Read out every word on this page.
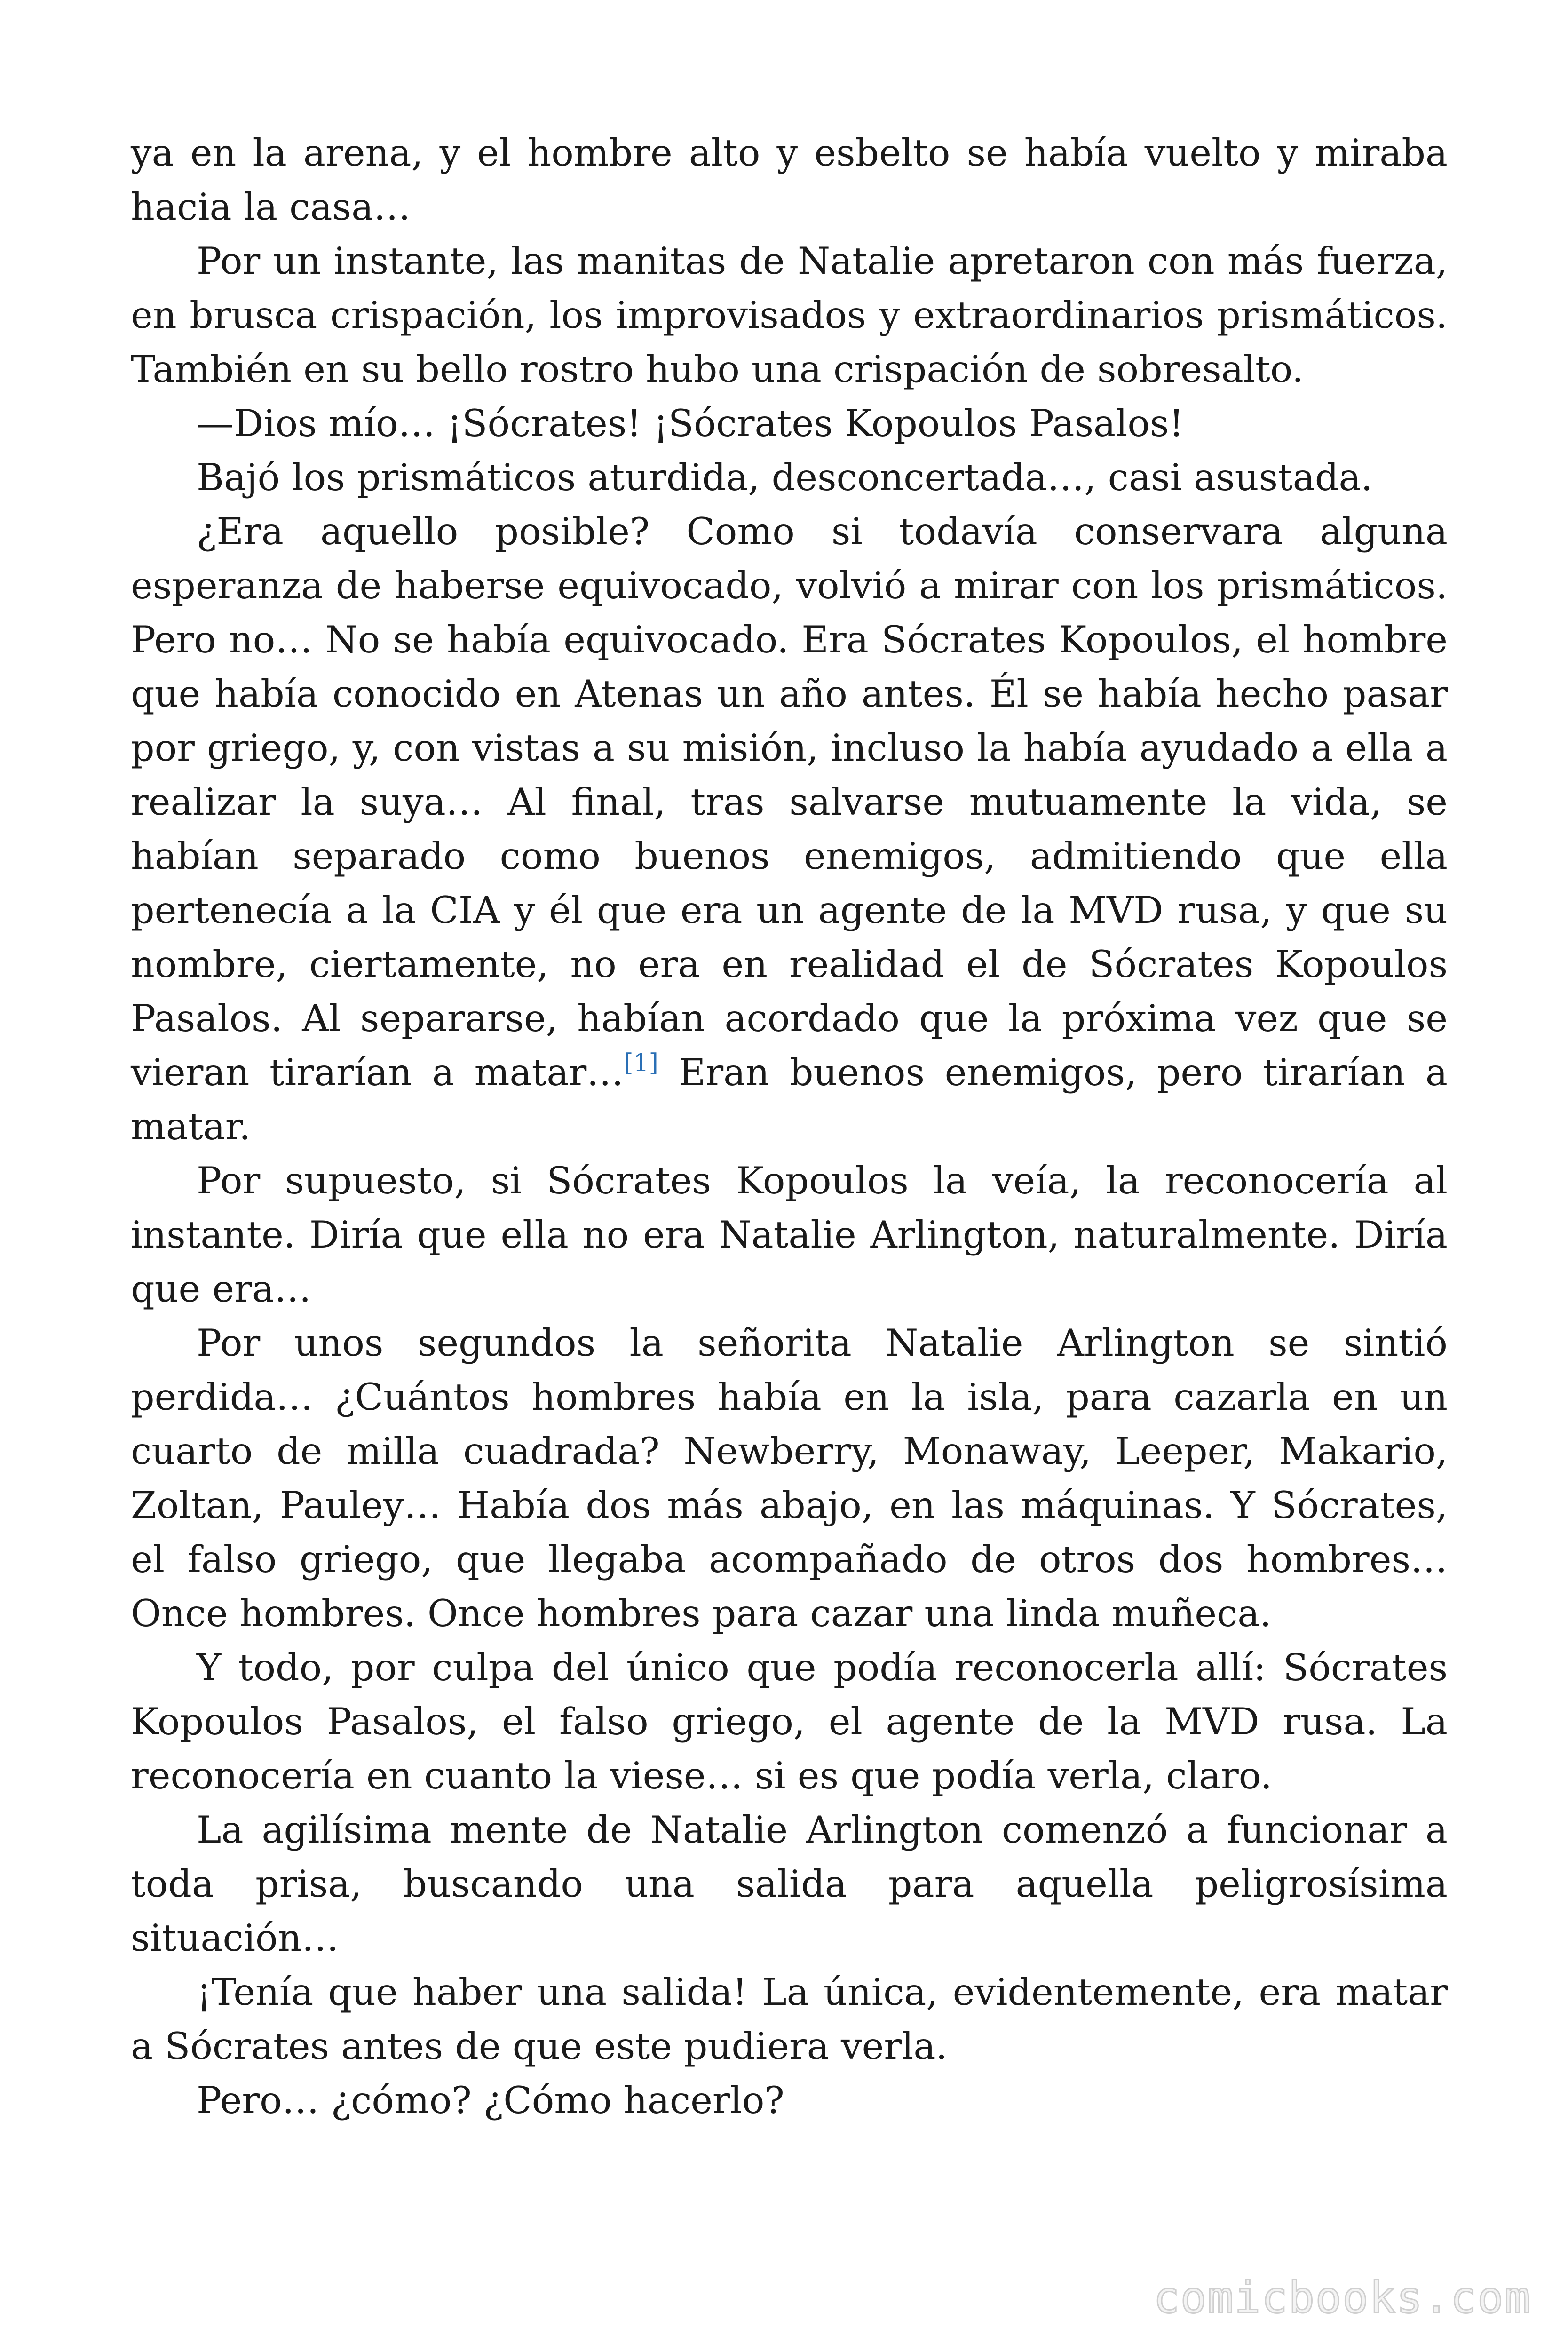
ya en la arena, y el hombre alto y esbelto se había vuelto y miraba hacia la casa…

Por un instante, las manitas de Natalie apretaron con más fuerza, en brusca crispación, los improvisados y extraordinarios prismáticos. También en su bello rostro hubo una crispación de sobresalto.

—Dios mío… ¡Sócrates! ¡Sócrates Kopoulos Pasalos!

Bajó los prismáticos aturdida, desconcertada…, casi asustada.

¿Era aquello posible? Como si todavía conservara alguna esperanza de haberse equivocado, volvió a mirar con los prismáticos. Pero no… No se había equivocado. Era Sócrates Kopoulos, el hombre que había conocido en Atenas un año antes. Él se había hecho pasar por griego, y, con vistas a su misión, incluso la había ayudado a ella a realizar la suya… Al final, tras salvarse mutuamente la vida, se habían separado como buenos enemigos, admitiendo que ella pertenecía a la CIA y él que era un agente de la MVD rusa, y que su nombre, ciertamente, no era en realidad el de Sócrates Kopoulos Pasalos. Al separarse, habían acordado que la próxima vez que se vieran tirarían a matar…[1] Eran buenos enemigos, pero tirarían a matar.

Por supuesto, si Sócrates Kopoulos la veía, la reconocería al instante. Diría que ella no era Natalie Arlington, naturalmente. Diría que era…

Por unos segundos la señorita Natalie Arlington se sintió perdida… ¿Cuántos hombres había en la isla, para cazarla en un cuarto de milla cuadrada? Newberry, Monaway, Leeper, Makario, Zoltan, Pauley… Había dos más abajo, en las máquinas. Y Sócrates, el falso griego, que llegaba acompañado de otros dos hombres… Once hombres. Once hombres para cazar una linda muñeca.

Y todo, por culpa del único que podía reconocerla allí: Sócrates Kopoulos Pasalos, el falso griego, el agente de la MVD rusa. La reconocería en cuanto la viese… si es que podía verla, claro.

La agilísima mente de Natalie Arlington comenzó a funcionar a toda prisa, buscando una salida para aquella peligrosísima situación…

¡Tenía que haber una salida! La única, evidentemente, era matar a Sócrates antes de que este pudiera verla.

Pero… ¿cómo? ¿Cómo hacerlo?

comicbooks.com
